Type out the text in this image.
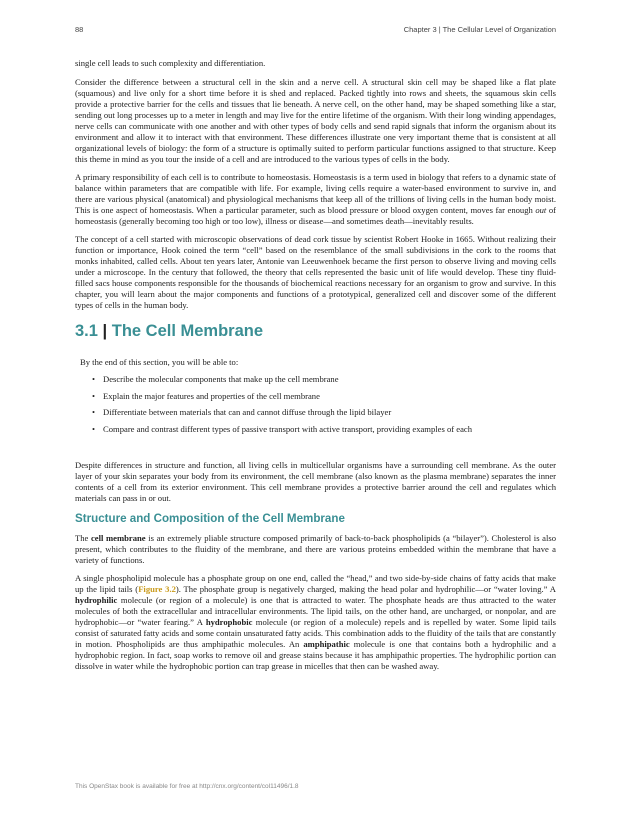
88	Chapter 3 | The Cellular Level of Organization

single cell leads to such complexity and differentiation.

Consider the difference between a structural cell in the skin and a nerve cell. A structural skin cell may be shaped like a flat plate (squamous) and live only for a short time before it is shed and replaced. Packed tightly into rows and sheets, the squamous skin cells provide a protective barrier for the cells and tissues that lie beneath. A nerve cell, on the other hand, may be shaped something like a star, sending out long processes up to a meter in length and may live for the entire lifetime of the organism. With their long winding appendages, nerve cells can communicate with one another and with other types of body cells and send rapid signals that inform the organism about its environment and allow it to interact with that environment. These differences illustrate one very important theme that is consistent at all organizational levels of biology: the form of a structure is optimally suited to perform particular functions assigned to that structure. Keep this theme in mind as you tour the inside of a cell and are introduced to the various types of cells in the body.

A primary responsibility of each cell is to contribute to homeostasis. Homeostasis is a term used in biology that refers to a dynamic state of balance within parameters that are compatible with life. For example, living cells require a water-based environment to survive in, and there are various physical (anatomical) and physiological mechanisms that keep all of the trillions of living cells in the human body moist. This is one aspect of homeostasis. When a particular parameter, such as blood pressure or blood oxygen content, moves far enough out of homeostasis (generally becoming too high or too low), illness or disease—and sometimes death—inevitably results.

The concept of a cell started with microscopic observations of dead cork tissue by scientist Robert Hooke in 1665. Without realizing their function or importance, Hook coined the term “cell” based on the resemblance of the small subdivisions in the cork to the rooms that monks inhabited, called cells. About ten years later, Antonie van Leeuwenhoek became the first person to observe living and moving cells under a microscope. In the century that followed, the theory that cells represented the basic unit of life would develop. These tiny fluid-filled sacs house components responsible for the thousands of biochemical reactions necessary for an organism to grow and survive. In this chapter, you will learn about the major components and functions of a prototypical, generalized cell and discover some of the different types of cells in the human body.

3.1 | The Cell Membrane

By the end of this section, you will be able to:

• Describe the molecular components that make up the cell membrane
• Explain the major features and properties of the cell membrane
• Differentiate between materials that can and cannot diffuse through the lipid bilayer
• Compare and contrast different types of passive transport with active transport, providing examples of each

Despite differences in structure and function, all living cells in multicellular organisms have a surrounding cell membrane. As the outer layer of your skin separates your body from its environment, the cell membrane (also known as the plasma membrane) separates the inner contents of a cell from its exterior environment. This cell membrane provides a protective barrier around the cell and regulates which materials can pass in or out.

Structure and Composition of the Cell Membrane

The cell membrane is an extremely pliable structure composed primarily of back-to-back phospholipids (a “bilayer”). Cholesterol is also present, which contributes to the fluidity of the membrane, and there are various proteins embedded within the membrane that have a variety of functions.

A single phospholipid molecule has a phosphate group on one end, called the “head,” and two side-by-side chains of fatty acids that make up the lipid tails (Figure 3.2). The phosphate group is negatively charged, making the head polar and hydrophilic—or “water loving.” A hydrophilic molecule (or region of a molecule) is one that is attracted to water. The phosphate heads are thus attracted to the water molecules of both the extracellular and intracellular environments. The lipid tails, on the other hand, are uncharged, or nonpolar, and are hydrophobic—or “water fearing.” A hydrophobic molecule (or region of a molecule) repels and is repelled by water. Some lipid tails consist of saturated fatty acids and some contain unsaturated fatty acids. This combination adds to the fluidity of the tails that are constantly in motion. Phospholipids are thus amphipathic molecules. An amphipathic molecule is one that contains both a hydrophilic and a hydrophobic region. In fact, soap works to remove oil and grease stains because it has amphipathic properties. The hydrophilic portion can dissolve in water while the hydrophobic portion can trap grease in micelles that then can be washed away.

This OpenStax book is available for free at http://cnx.org/content/col11496/1.8
